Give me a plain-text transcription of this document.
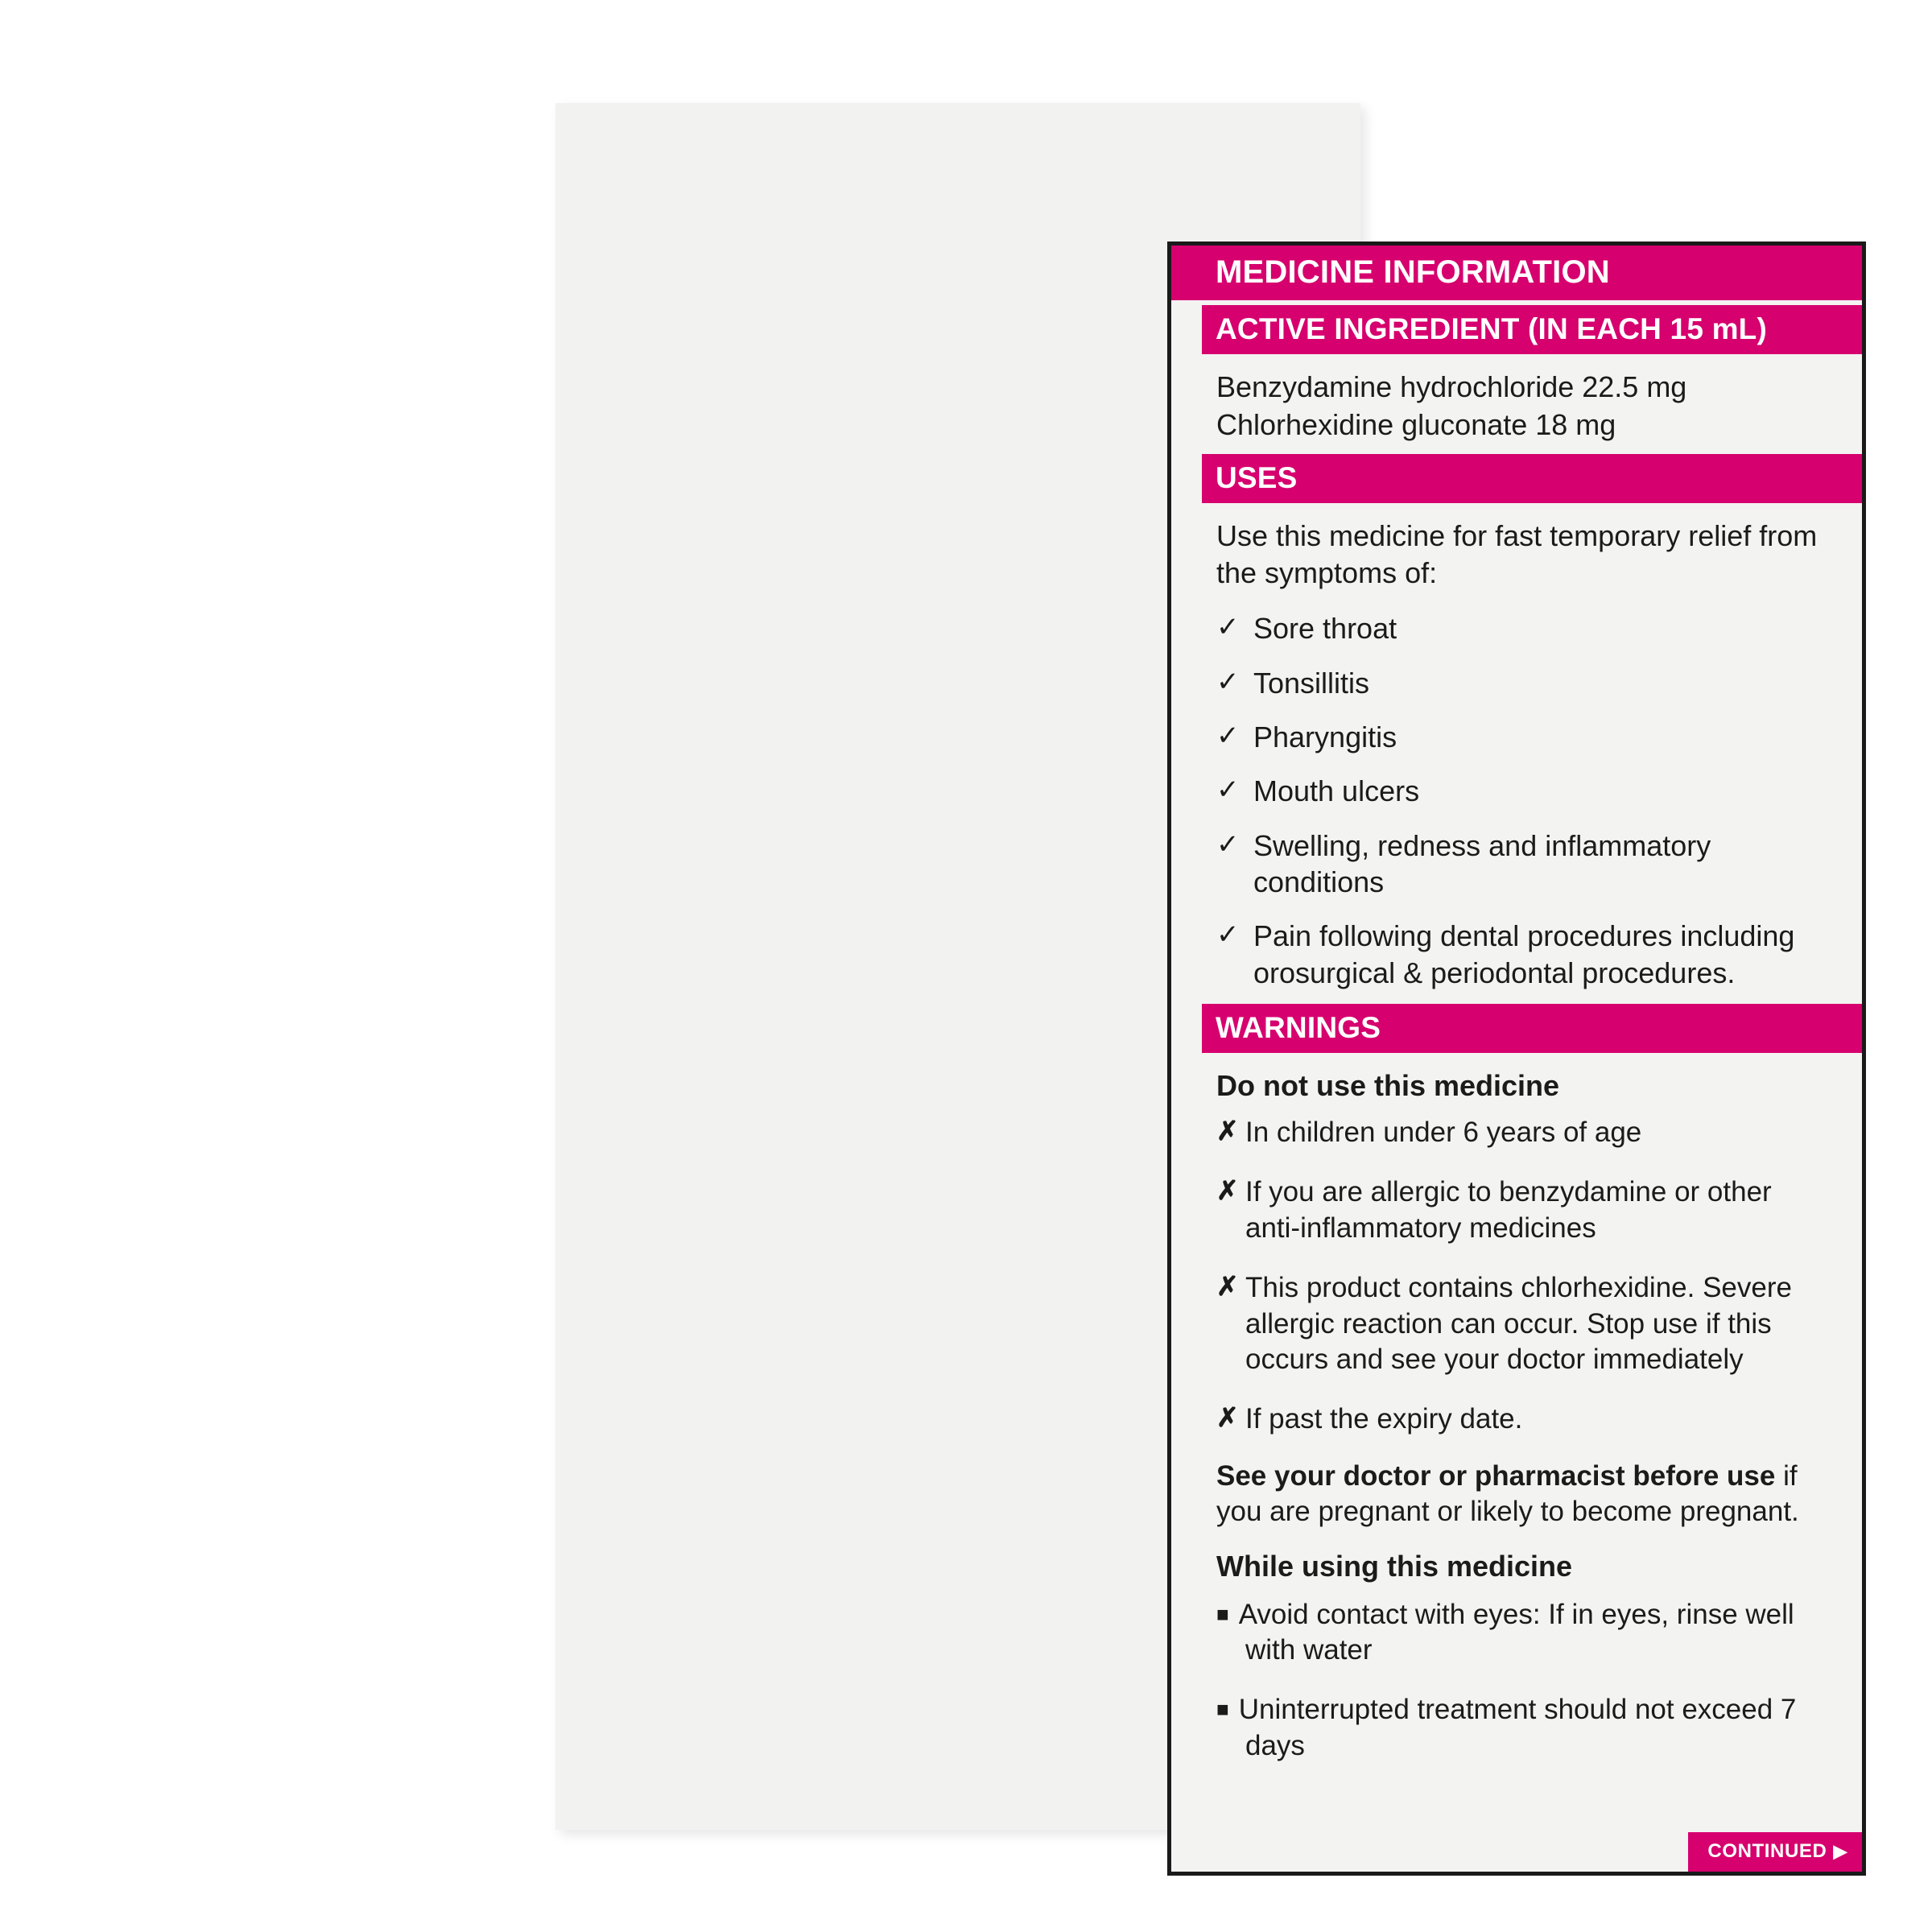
MEDICINE INFORMATION
ACTIVE INGREDIENT (IN EACH 15 mL)
Benzydamine hydrochloride 22.5 mg
Chlorhexidine gluconate 18 mg
USES
Use this medicine for fast temporary relief from the symptoms of:
✓ Sore throat
✓ Tonsillitis
✓ Pharyngitis
✓ Mouth ulcers
✓ Swelling, redness and inflammatory conditions
✓ Pain following dental procedures including orosurgical & periodontal procedures.
WARNINGS
Do not use this medicine
✗ In children under 6 years of age
✗ If you are allergic to benzydamine or other anti-inflammatory medicines
✗ This product contains chlorhexidine. Severe allergic reaction can occur. Stop use if this occurs and see your doctor immediately
✗ If past the expiry date.
See your doctor or pharmacist before use if you are pregnant or likely to become pregnant.
While using this medicine
■ Avoid contact with eyes: If in eyes, rinse well with water
■ Uninterrupted treatment should not exceed 7 days
CONTINUED ▶
